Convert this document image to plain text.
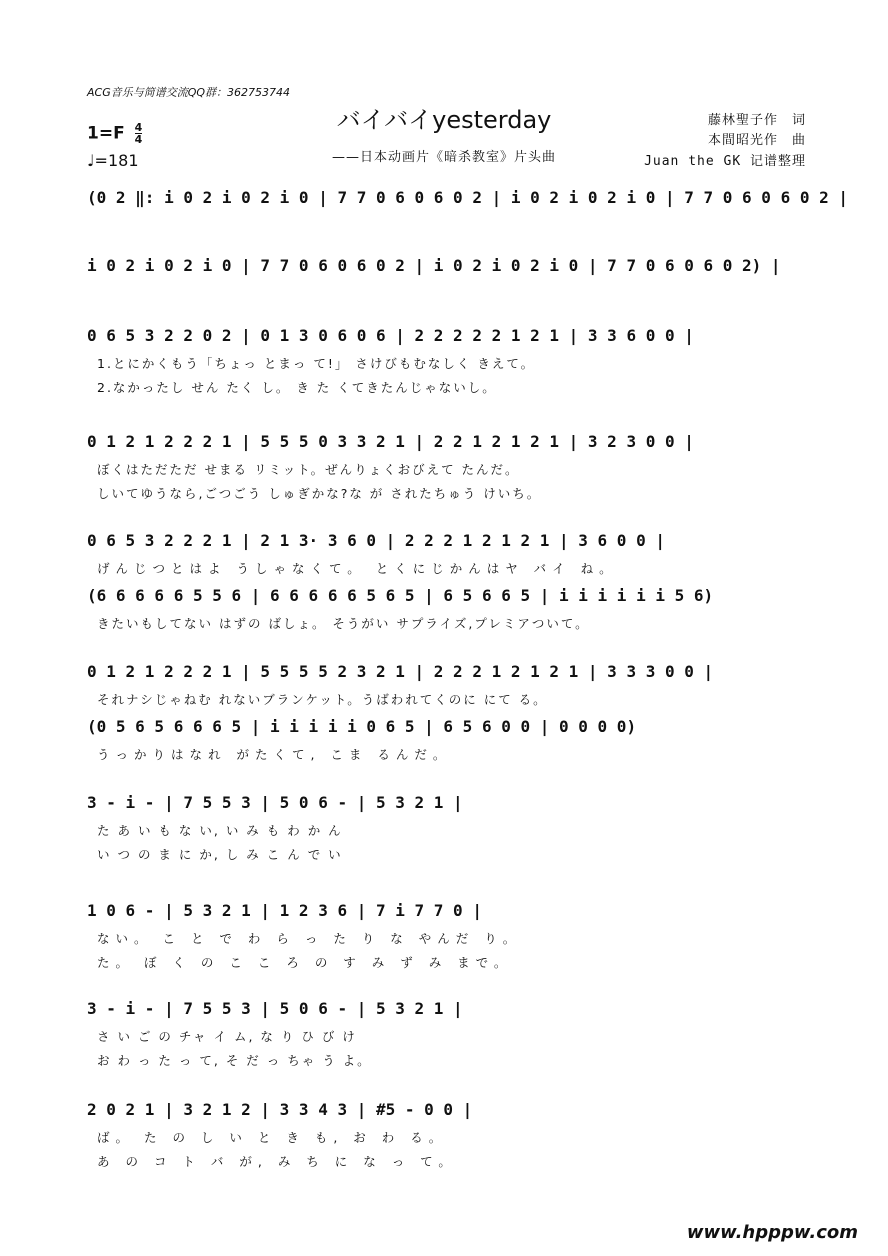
ACG音乐与简谱交流QQ群：362753744
バイバイyesterday
——日本动画片《暗杀教室》片头曲
$1=F \frac{4}{4}$
♩=181
藤林聖子作　词
本間昭光作　曲
Juan the GK 记谱整理
(0 2 ‖: i 0 2 i 0 2 i 0 | 7 7 0 6 0 6 0 2 | i 0 2 i 0 2 i 0 | 7 7 0 6 0 6 0 2 |
i 0 2 i 0 2 i 0 | 7 7 0 6 0 6 0 2 | i 0 2 i 0 2 i 0 | 7 7 0 6 0 6 0 2) |
0 6 5 3 2 2 0 2 | 0 1 3 0 6 0 6 | 2 2 2 2 2 1 2 1 | 3 3 6 0 0 |
1.とにかくもう「ちょっ とまっ て!」 さけびもむなしく きえて。
2.なかったし せん たく し。 き た くてきたんじゃないし。
0 1 2 1 2 2 2 1 | 5 5 5 0 3 3 2 1 | 2 2 1 2 1 2 1 | 3 2 3 0 0 |
ぼくはただただ せまる リミット。ぜんりょくおびえて たんだ。
しいてゆうなら,ごつごう しゅぎかな?な が されたちゅう けいち。
0 6 5 3 2 2 2 1 | 2 1 3· 3 6 0 | 2 2 2 1 2 1 2 1 | 3 6 0 0 |
げんじつとはよ うしゃなくて。 とくにじかんはヤ バイ ね。
(6 6 6 6 6 5 5 6 | 6 6 6 6 6 5 6 5 | 6 5 6 6 5 | i i i i i i 5 6)
きたいもしてない はずの ばしょ。 そうがい サプライズ,プレミアついて。
0 1 2 1 2 2 2 1 | 5 5 5 5 2 3 2 1 | 2 2 2 1 2 1 2 1 | 3 3 3 0 0 |
それナシじゃねむ れないブランケット。うばわれてくのに にて る。
(0 5 6 5 6 6 6 5 | i i i i i 0 6 5 | 6 5 6 0 0 | 0 0 0 0)
うっかりはなれ がたくて, こま るんだ。
3 - i - | 7 5 5 3 | 5 0 6 - | 5 3 2 1 |
た あ い も な い, い み も わ か ん
い つ の ま に か, し み こ ん で い
1 0 6 - | 5 3 2 1 | 1 2 3 6 | 7 i 7 7 0 |
ない。 こ と で わ ら っ た り な やんだ り。
た。 ぼ く の こ こ ろ の す み ず み まで。
3 - i - | 7 5 5 3 | 5 0 6 - | 5 3 2 1 |
さ い ご の チャ イ ム, な り ひ び け
お わ っ た っ て, そ だ っ ちゃ う よ。
2 0 2 1 | 3 2 1 2 | 3 3 4 3 | #5 - 0 0 |
ば。 た の し い と き も, お わ る。
あ の コ ト バ が, み ち に な っ て。
www.hpppw.com
